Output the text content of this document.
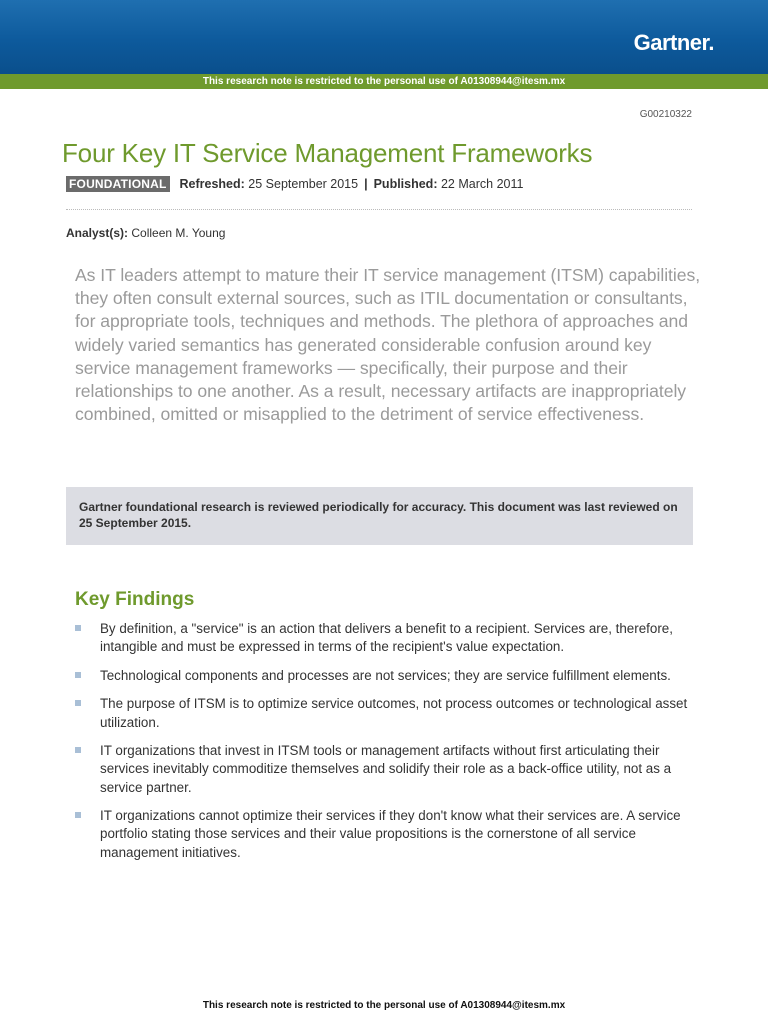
Gartner.
This research note is restricted to the personal use of A01308944@itesm.mx
G00210322
Four Key IT Service Management Frameworks
FOUNDATIONAL Refreshed:
25 September 2015 | Published:
22 March 2011
Analyst(s): Colleen M. Young

As IT leaders attempt to mature their IT service management (ITSM) capabilities, they often consult external sources, such as ITIL documentation or consultants, for appropriate tools, techniques and methods. The plethora of approaches and widely varied semantics has generated considerable confusion around key service management frameworks — specifically, their purpose and their relationships to one another. As a result, necessary artifacts are inappropriately combined, omitted or misapplied to the detriment of service effectiveness.

Gartner foundational research is reviewed periodically for accuracy. This document was last reviewed on 25 September 2015.
Key Findings
By definition, a "service" is an action that delivers a benefit to a recipient. Services are, therefore, intangible and must be expressed in terms of the recipient's value expectation.
Technological components and processes are not services; they are service fulfillment elements.
The purpose of ITSM is to optimize service outcomes, not process outcomes or technological asset utilization.
IT organizations that invest in ITSM tools or management artifacts without first articulating their services inevitably commoditize themselves and solidify their role as a back-office utility, not as a service partner.
IT organizations cannot optimize their services if they don't know what their services are. A service portfolio stating those services and their value propositions is the cornerstone of all service management initiatives.
This research note is restricted to the personal use of A01308944@itesm.mx
